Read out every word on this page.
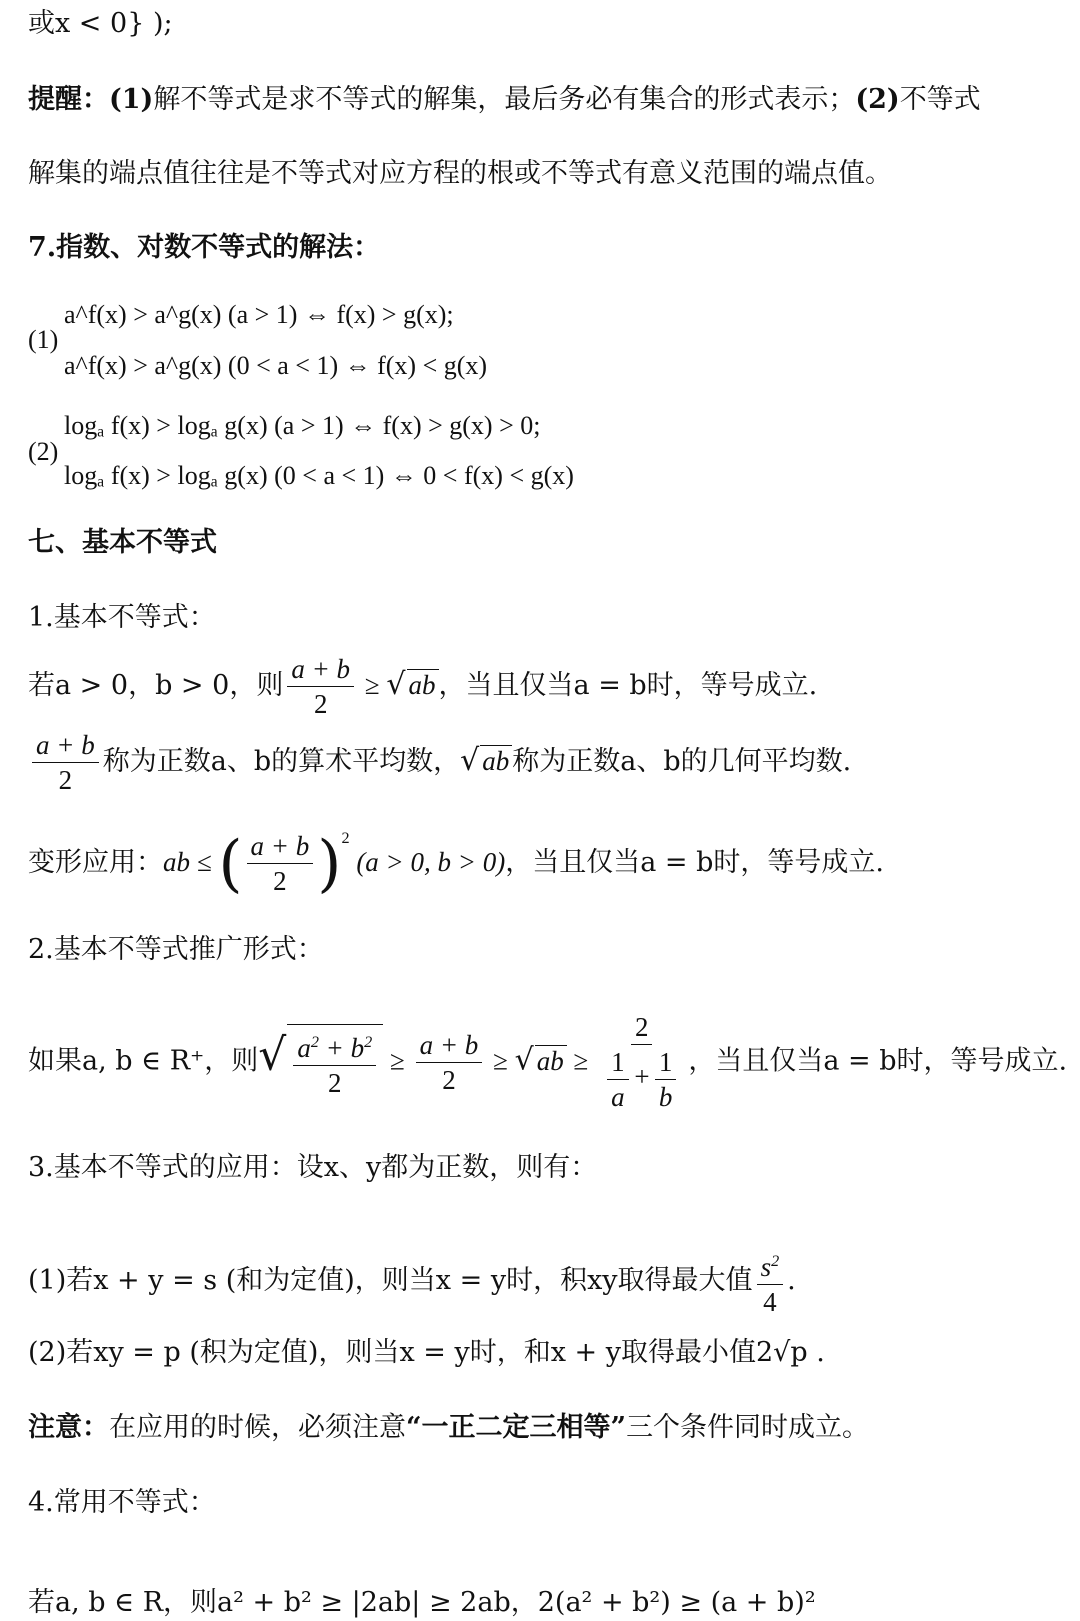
或x < 0} );
提醒：(1)解不等式是求不等式的解集，最后务必有集合的形式表示；(2)不等式
解集的端点值往往是不等式对应方程的根或不等式有意义范围的端点值。
7.指数、对数不等式的解法：
(1)
a^f(x) > a^g(x) (a > 1) ⇔ f(x) > g(x);
a^f(x) > a^g(x) (0 < a < 1) ⇔ f(x) < g(x)
(2)
logₐ f(x) > logₐ g(x) (a > 1) ⇔ f(x) > g(x) > 0;
logₐ f(x) > logₐ g(x) (0 < a < 1) ⇔ 0 < f(x) < g(x)
七、基本不等式
1.基本不等式：
若a > 0，b > 0，则 $\frac{a + b}{2}$ ≥ √ ab ，当且仅当a = b时，等号成立.
$\frac{a + b}{2}$ 称为正数a、b的算术平均数，√ ab 称为正数a、b的几何平均数.
变形应用：ab ≤ ( $\frac{a + b}{2} )^2$ (a > 0, b > 0)，当且仅当a = b时，等号成立.
2.基本不等式推广形式：
如果a, b ∈ R⁺，则√ $\frac{a^2 + b^2}{2} \ge \frac{a + b}{2}$ ≥ √ ab ≥ $\frac{2}{\frac{1}{a} + \frac{1}{b}}$ ，当且仅当a = b时，等号成立.
3.基本不等式的应用：设x、y都为正数，则有：
(1)若x + y = s (和为定值)，则当x = y时，积xy取得最大值 $\frac{s^2}{4}$ .
(2)若xy = p (积为定值)，则当x = y时，和x + y取得最小值2√p .
注意：在应用的时候，必须注意“一正二定三相等”三个条件同时成立。
4.常用不等式：
若a, b ∈ R，则a² + b² ≥ |2ab| ≥ 2ab，2(a² + b²) ≥ (a + b)²
